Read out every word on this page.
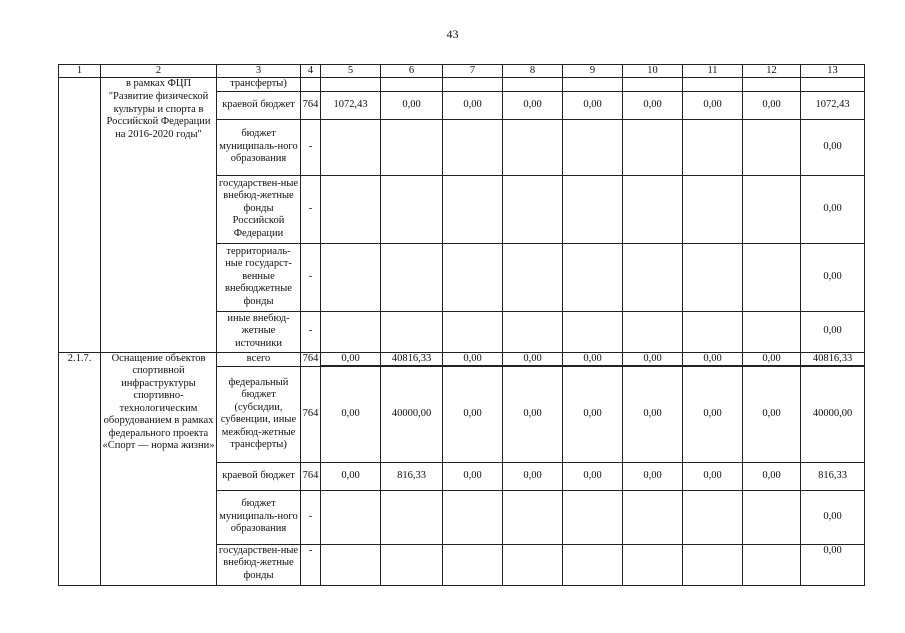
43
1	2	3	4	5	6	7	8	9	10	11	12	13
	в рамках ФЦП	трансферты)										
	"Развитие физической культуры и спорта в Российской Федерации на 2016-2020 годы"	краевой бюджет	764	1072,43	0,00	0,00	0,00	0,00	0,00	0,00	0,00	1072,43
		бюджет муниципаль-ного образования	-									0,00
		государствен-ные внебюд-жетные фонды Российской Федерации	-									0,00
		территориаль-ные государст-венные внебюджетные фонды	-									0,00
		иные внебюд-жетные источники	-									0,00
2.1.7.	Оснащение объектов спортивной инфраструктуры спортивно-технологическим оборудованием в рамках федерального проекта «Спорт — норма жизни»	всего	764	0,00	40816,33	0,00	0,00	0,00	0,00	0,00	0,00	40816,33
		федеральный бюджет (субсидии, субвенции, иные межбюд-жетные трансферты)	764	0,00	40000,00	0,00	0,00	0,00	0,00	0,00	0,00	40000,00
		краевой бюджет	764	0,00	816,33	0,00	0,00	0,00	0,00	0,00	0,00	816,33
		бюджет муниципаль-ного образования	-									0,00
		государствен-ные внебюд-жетные фонды	-									0,00
